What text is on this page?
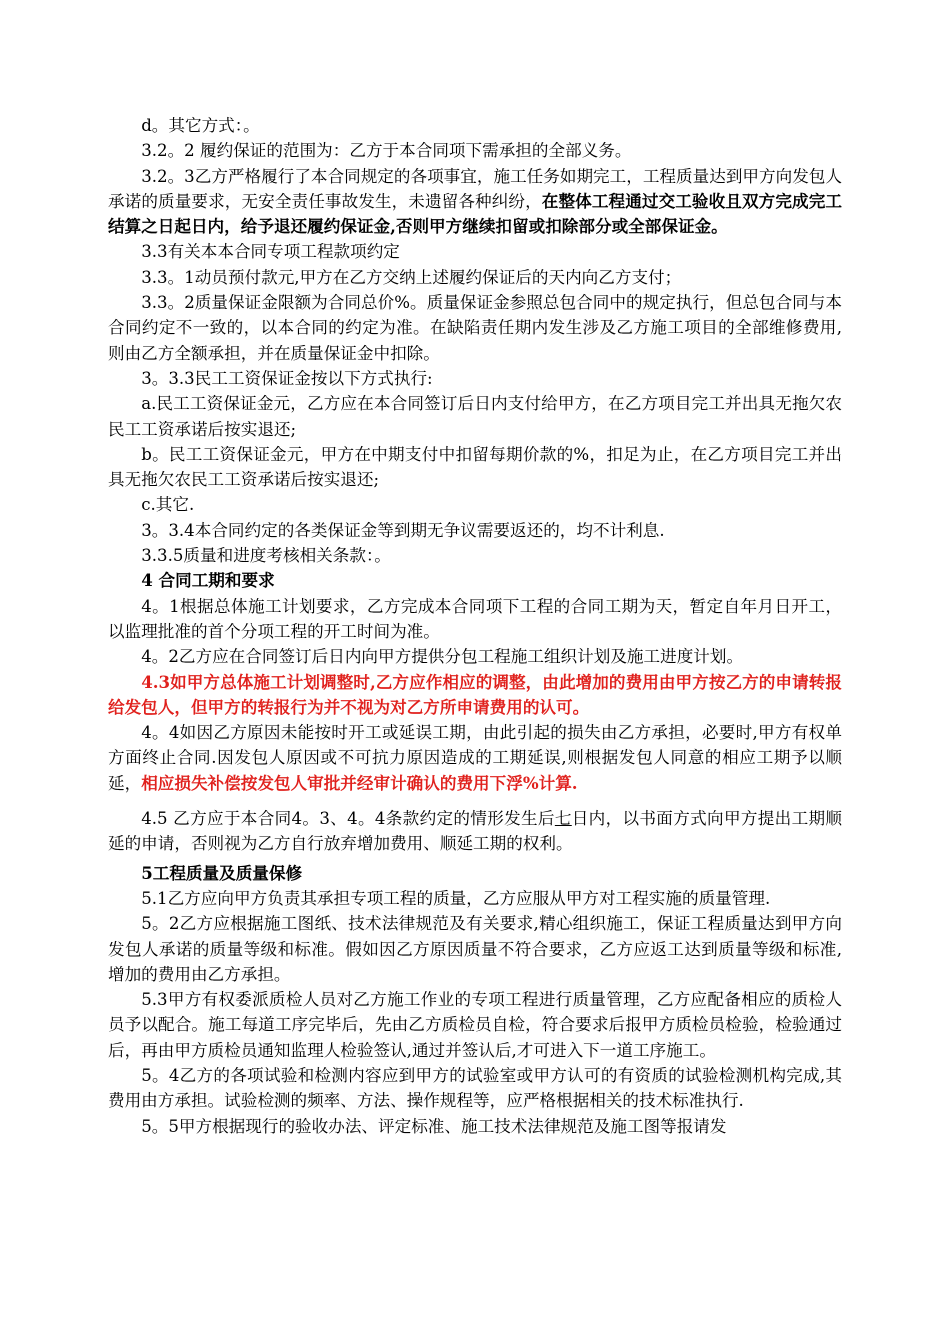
d。其它方式：。

3.2。2 履约保证的范围为：乙方于本合同项下需承担的全部义务。

3.2。3乙方严格履行了本合同规定的各项事宜，施工任务如期完工，工程质量达到甲方向发包人承诺的质量要求，无安全责任事故发生，未遗留各种纠纷，在整体工程通过交工验收且双方完成完工结算之日起日内，给予退还履约保证金,否则甲方继续扣留或扣除部分或全部保证金。

3.3有关本本合同专项工程款项约定

3.3。1动员预付款元,甲方在乙方交纳上述履约保证后的天内向乙方支付；

3.3。2质量保证金限额为合同总价%。质量保证金参照总包合同中的规定执行，但总包合同与本合同约定不一致的，以本合同的约定为准。在缺陷责任期内发生涉及乙方施工项目的全部维修费用,则由乙方全额承担，并在质量保证金中扣除。

3。3.3民工工资保证金按以下方式执行:

a.民工工资保证金元，乙方应在本合同签订后日内支付给甲方，在乙方项目完工并出具无拖欠农民工工资承诺后按实退还;

b。民工工资保证金元，甲方在中期支付中扣留每期价款的%，扣足为止，在乙方项目完工并出具无拖欠农民工工资承诺后按实退还;

c.其它.

3。3.4本合同约定的各类保证金等到期无争议需要返还的，均不计利息.

3.3.5质量和进度考核相关条款：。

4 合同工期和要求

4。1根据总体施工计划要求，乙方完成本合同项下工程的合同工期为天，暂定自年月日开工，以监理批准的首个分项工程的开工时间为准。

4。2乙方应在合同签订后日内向甲方提供分包工程施工组织计划及施工进度计划。

4.3如甲方总体施工计划调整时,乙方应作相应的调整，由此增加的费用由甲方按乙方的申请转报给发包人，但甲方的转报行为并不视为对乙方所申请费用的认可。

4。4如因乙方原因未能按时开工或延误工期，由此引起的损失由乙方承担，必要时,甲方有权单方面终止合同.因发包人原因或不可抗力原因造成的工期延误,则根据发包人同意的相应工期予以顺延，相应损失补偿按发包人审批并经审计确认的费用下浮%计算.

4.5 乙方应于本合同4。3、4。4条款约定的情形发生后七日内，以书面方式向甲方提出工期顺延的申请，否则视为乙方自行放弃增加费用、顺延工期的权利。

5工程质量及质量保修

5.1乙方应向甲方负责其承担专项工程的质量，乙方应服从甲方对工程实施的质量管理.

5。2乙方应根据施工图纸、技术法律规范及有关要求,精心组织施工，保证工程质量达到甲方向发包人承诺的质量等级和标准。假如因乙方原因质量不符合要求，乙方应返工达到质量等级和标准,增加的费用由乙方承担。

5.3甲方有权委派质检人员对乙方施工作业的专项工程进行质量管理，乙方应配备相应的质检人员予以配合。施工每道工序完毕后，先由乙方质检员自检，符合要求后报甲方质检员检验，检验通过后，再由甲方质检员通知监理人检验签认,通过并签认后,才可进入下一道工序施工。

5。4乙方的各项试验和检测内容应到甲方的试验室或甲方认可的有资质的试验检测机构完成,其费用由方承担。试验检测的频率、方法、操作规程等，应严格根据相关的技术标准执行.

5。5甲方根据现行的验收办法、评定标准、施工技术法律规范及施工图等报请发
